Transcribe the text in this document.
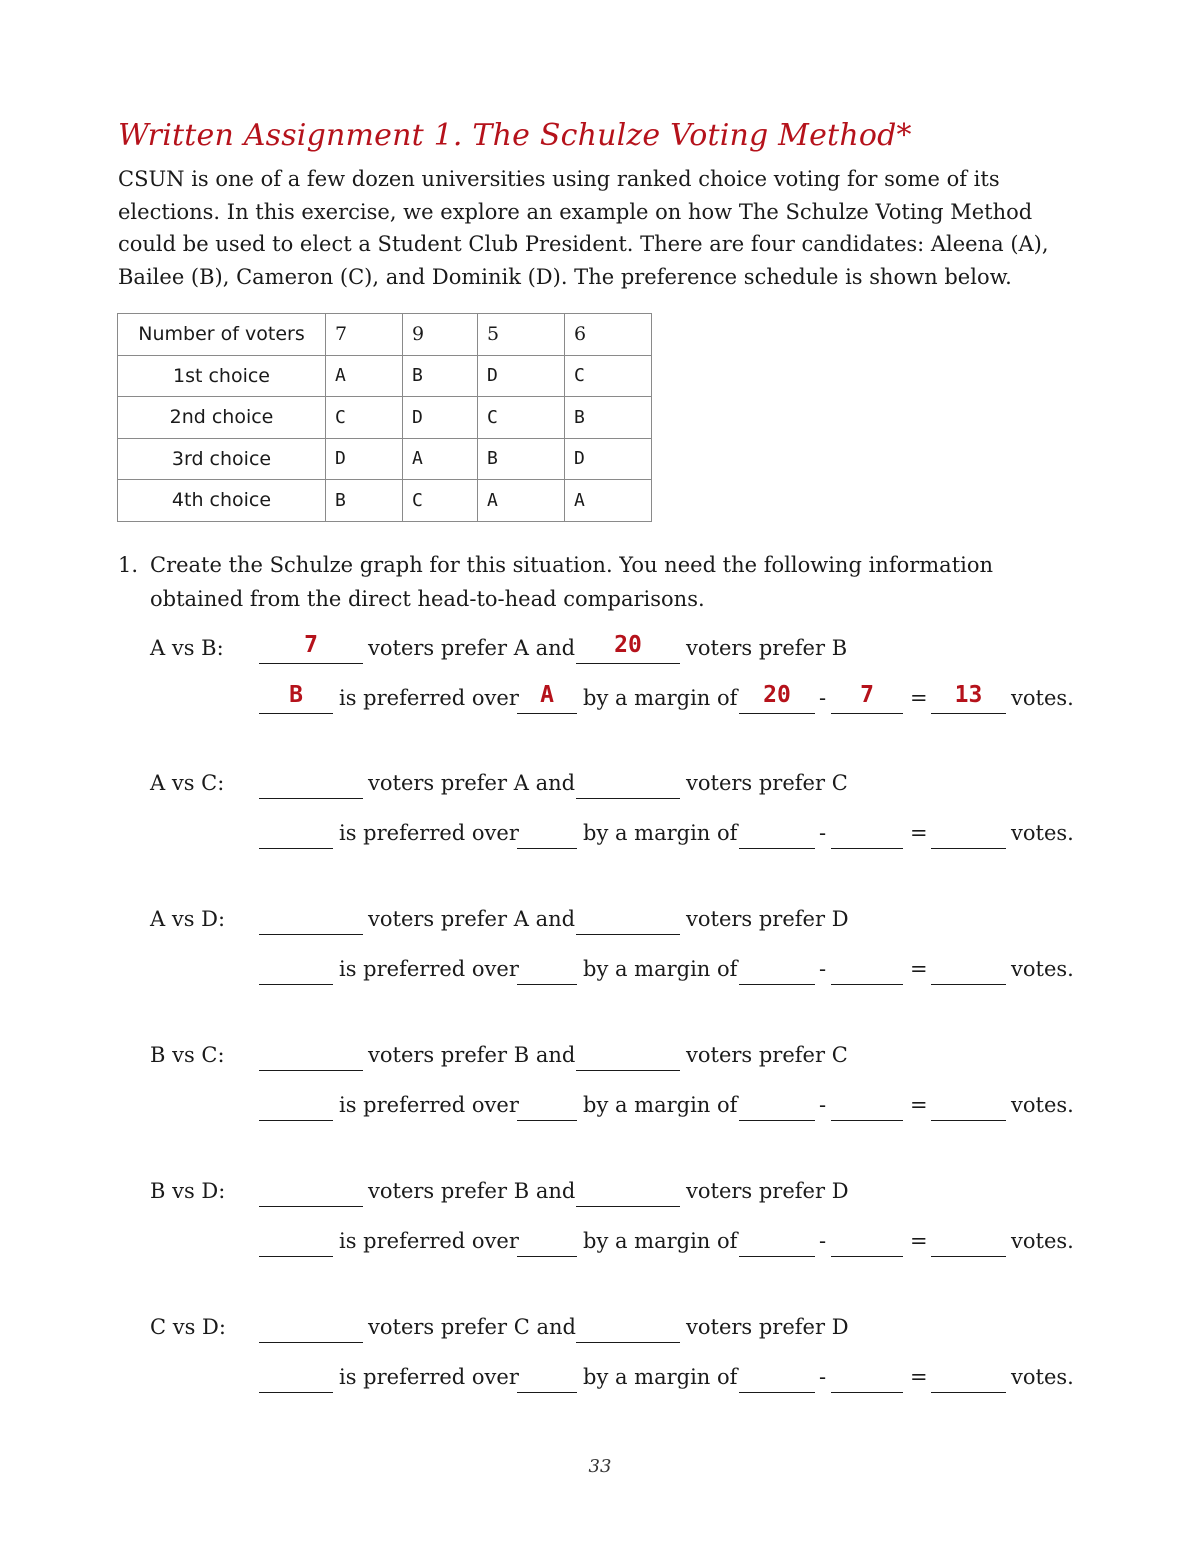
Written Assignment 1. The Schulze Voting Method*
CSUN is one of a few dozen universities using ranked choice voting for some of its elections. In this exercise, we explore an example on how The Schulze Voting Method could be used to elect a Student Club President. There are four candidates: Aleena (A), Bailee (B), Cameron (C), and Dominik (D). The preference schedule is shown below.
Number of voters	7	9	5	6
1st choice	A	B	D	C
2nd choice	C	D	C	B
3rd choice	D	A	B	D
4th choice	B	C	A	A
1. Create the Schulze graph for this situation. You need the following information obtained from the direct head-to-head comparisons.
A vs B:	7	voters prefer A and	20	voters prefer B
B	is preferred over A	by a margin of	20	-	7	=	13	votes.
A vs C:	voters prefer A and	voters prefer C
is preferred over	by a margin of	-	=	votes.
A vs D:	voters prefer A and	voters prefer D
is preferred over	by a margin of	-	=	votes.
B vs C:	voters prefer B and	voters prefer C
is preferred over	by a margin of	-	=	votes.
B vs D:	voters prefer B and	voters prefer D
is preferred over	by a margin of	-	=	votes.
C vs D:	voters prefer C and	voters prefer D
is preferred over	by a margin of	-	=	votes.
33
